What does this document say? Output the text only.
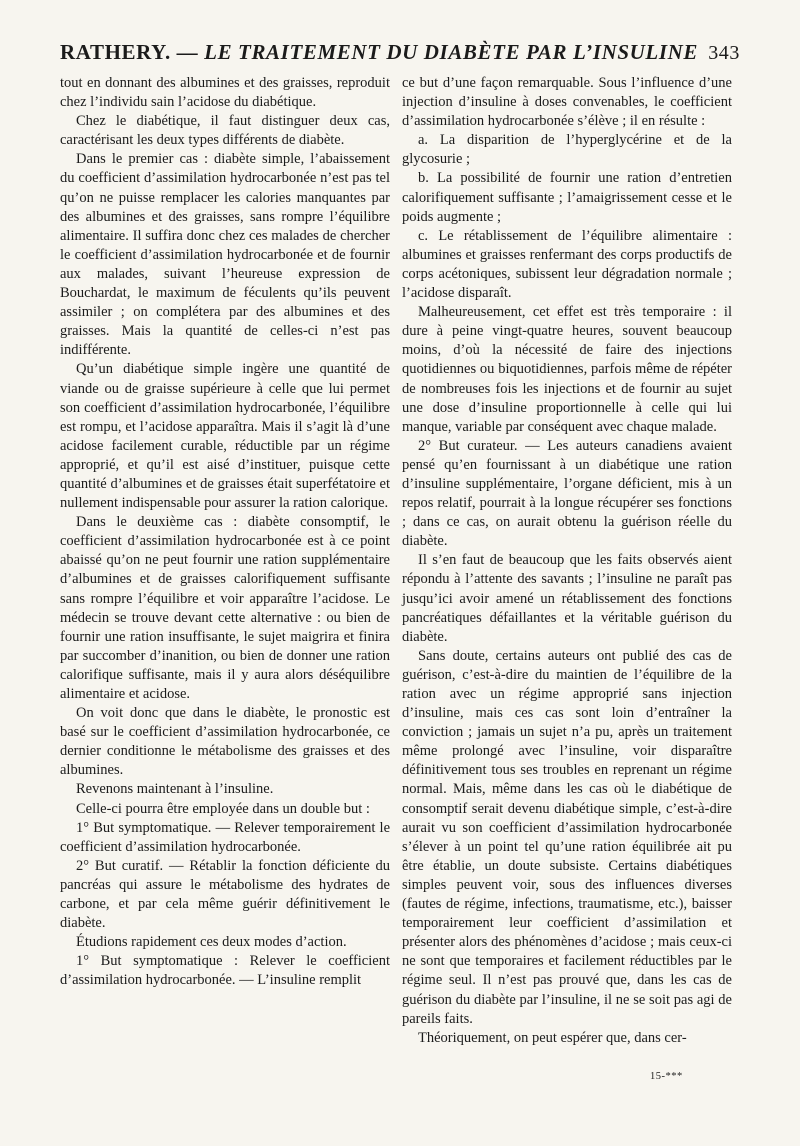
RATHERY. — LE TRAITEMENT DU DIABÈTE PAR L’INSULINE 343

tout en donnant des albumines et des graisses, reproduit chez l’individu sain l’acidose du diabétique.

Chez le diabétique, il faut distinguer deux cas, caractérisant les deux types différents de diabète.

Dans le premier cas : diabète simple, l’abaissement du coefficient d’assimilation hydrocarbonée n’est pas tel qu’on ne puisse remplacer les calories manquantes par des albumines et des graisses, sans rompre l’équilibre alimentaire. Il suffira donc chez ces malades de chercher le coefficient d’assimilation hydrocarbonée et de fournir aux malades, suivant l’heureuse expression de Bouchardat, le maximum de féculents qu’ils peuvent assimiler ; on complétera par des albumines et des graisses. Mais la quantité de celles-ci n’est pas indifférente.

Qu’un diabétique simple ingère une quantité de viande ou de graisse supérieure à celle que lui permet son coefficient d’assimilation hydrocarbonée, l’équilibre est rompu, et l’acidose apparaîtra. Mais il s’agit là d’une acidose facilement curable, réductible par un régime approprié, et qu’il est aisé d’instituer, puisque cette quantité d’albumines et de graisses était superfétatoire et nullement indispensable pour assurer la ration calorique.

Dans le deuxième cas : diabète consomptif, le coefficient d’assimilation hydrocarbonée est à ce point abaissé qu’on ne peut fournir une ration supplémentaire d’albumines et de graisses calorifiquement suffisante sans rompre l’équilibre et voir apparaître l’acidose. Le médecin se trouve devant cette alternative : ou bien de fournir une ration insuffisante, le sujet maigrira et finira par succomber d’inanition, ou bien de donner une ration calorifique suffisante, mais il y aura alors déséquilibre alimentaire et acidose.

On voit donc que dans le diabète, le pronostic est basé sur le coefficient d’assimilation hydrocarbonée, ce dernier conditionne le métabolisme des graisses et des albumines.

Revenons maintenant à l’insuline.

Celle-ci pourra être employée dans un double but :

1° But symptomatique. — Relever temporairement le coefficient d’assimilation hydrocarbonée.

2° But curatif. — Rétablir la fonction déficiente du pancréas qui assure le métabolisme des hydrates de carbone, et par cela même guérir définitivement le diabète.

Étudions rapidement ces deux modes d’action.

1° But symptomatique : Relever le coefficient d’assimilation hydrocarbonée. — L’insuline remplit

ce but d’une façon remarquable. Sous l’influence d’une injection d’insuline à doses convenables, le coefficient d’assimilation hydrocarbonée s’élève ; il en résulte :

a. La disparition de l’hyperglycérine et de la glycosurie ;

b. La possibilité de fournir une ration d’entretien calorifiquement suffisante ; l’amaigrissement cesse et le poids augmente ;

c. Le rétablissement de l’équilibre alimentaire : albumines et graisses renfermant des corps productifs de corps acétoniques, subissent leur dégradation normale ; l’acidose disparaît.

Malheureusement, cet effet est très temporaire : il dure à peine vingt-quatre heures, souvent beaucoup moins, d’où la nécessité de faire des injections quotidiennes ou biquotidiennes, parfois même de répéter de nombreuses fois les injections et de fournir au sujet une dose d’insuline proportionnelle à celle qui lui manque, variable par conséquent avec chaque malade.

2° But curateur. — Les auteurs canadiens avaient pensé qu’en fournissant à un diabétique une ration d’insuline supplémentaire, l’organe déficient, mis à un repos relatif, pourrait à la longue récupérer ses fonctions ; dans ce cas, on aurait obtenu la guérison réelle du diabète.

Il s’en faut de beaucoup que les faits observés aient répondu à l’attente des savants ; l’insuline ne paraît pas jusqu’ici avoir amené un rétablissement des fonctions pancréatiques défaillantes et la véritable guérison du diabète.

Sans doute, certains auteurs ont publié des cas de guérison, c’est-à-dire du maintien de l’équilibre de la ration avec un régime approprié sans injection d’insuline, mais ces cas sont loin d’entraîner la conviction ; jamais un sujet n’a pu, après un traitement même prolongé avec l’insuline, voir disparaître définitivement tous ses troubles en reprenant un régime normal. Mais, même dans les cas où le diabétique de consomptif serait devenu diabétique simple, c’est-à-dire aurait vu son coefficient d’assimilation hydrocarbonée s’élever à un point tel qu’une ration équilibrée ait pu être établie, un doute subsiste. Certains diabétiques simples peuvent voir, sous des influences diverses (fautes de régime, infections, traumatisme, etc.), baisser temporairement leur coefficient d’assimilation et présenter alors des phénomènes d’acidose ; mais ceux-ci ne sont que temporaires et facilement réductibles par le régime seul. Il n’est pas prouvé que, dans les cas de guérison du diabète par l’insuline, il ne se soit pas agi de pareils faits.

Théoriquement, on peut espérer que, dans cer-

15-***
